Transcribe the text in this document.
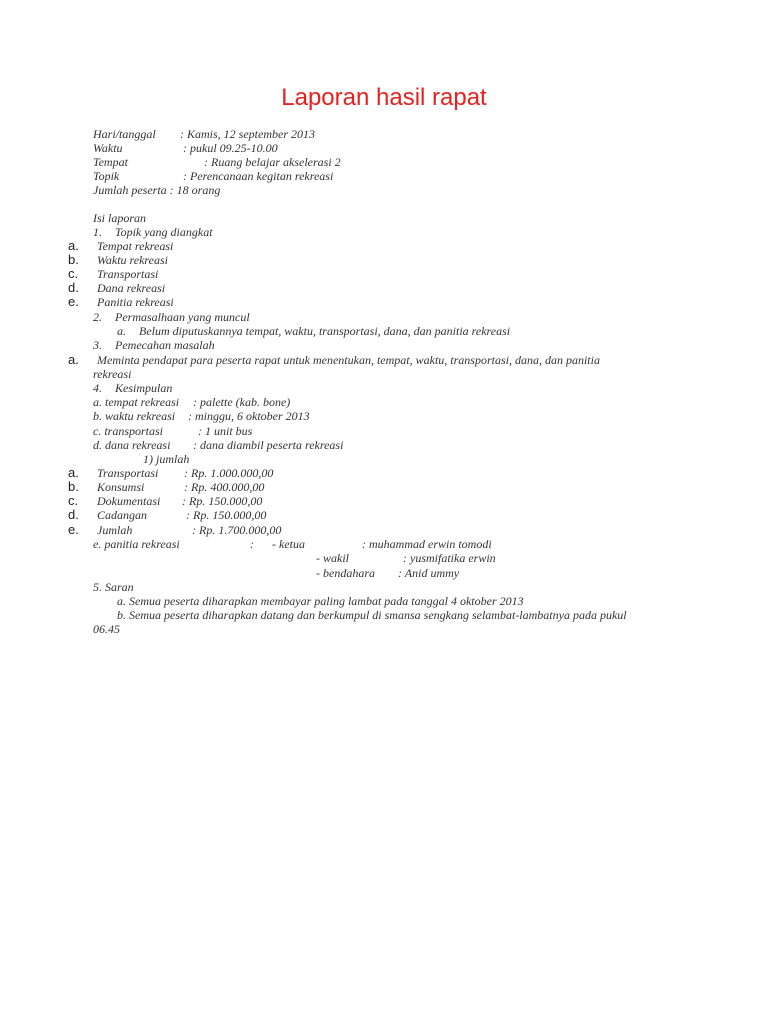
Laporan hasil rapat
Hari/tanggal : Kamis, 12 september 2013
Waktu	: pukul 09.25-10.00
Tempat	: Ruang belajar akselerasi 2
Topik	: Perencanaan kegitan rekreasi
Jumlah peserta : 18 orang
Isi laporan
1. Topik yang diangkat
a. Tempat rekreasi
b. Waktu rekreasi
c. Transportasi
d. Dana rekreasi
e. Panitia rekreasi
2. Permasalhaan yang muncul
a. Belum diputuskannya tempat, waktu, transportasi, dana, dan panitia rekreasi
3. Pemecahan masalah
a. Meminta pendapat para peserta rapat untuk menentukan, tempat, waktu, transportasi, dana, dan panitia
rekreasi
4. Kesimpulan
a. tempat rekreasi : palette (kab. bone)
b. waktu rekreasi : minggu, 6 oktober 2013
c. transportasi	: 1 unit bus
d. dana rekreasi : dana diambil peserta rekreasi
1) jumlah
a. Transportasi : Rp. 1.000.000,00
b. Konsumsi	: Rp. 400.000,00
c. Dokumentasi : Rp. 150.000,00
d. Cadangan	: Rp. 150.000,00
e. Jumlah	: Rp. 1.700.000,00
e. panitia rekreasi	: - ketua	: muhammad erwin tomodi
- wakil	: yusmifatika erwin
- bendahara : Anid ummy
5. Saran
a. Semua peserta diharapkan membayar paling lambat pada tanggal 4 oktober 2013
b. Semua peserta diharapkan datang dan berkumpul di smansa sengkang selambat-lambatnya pada pukul
06.45
